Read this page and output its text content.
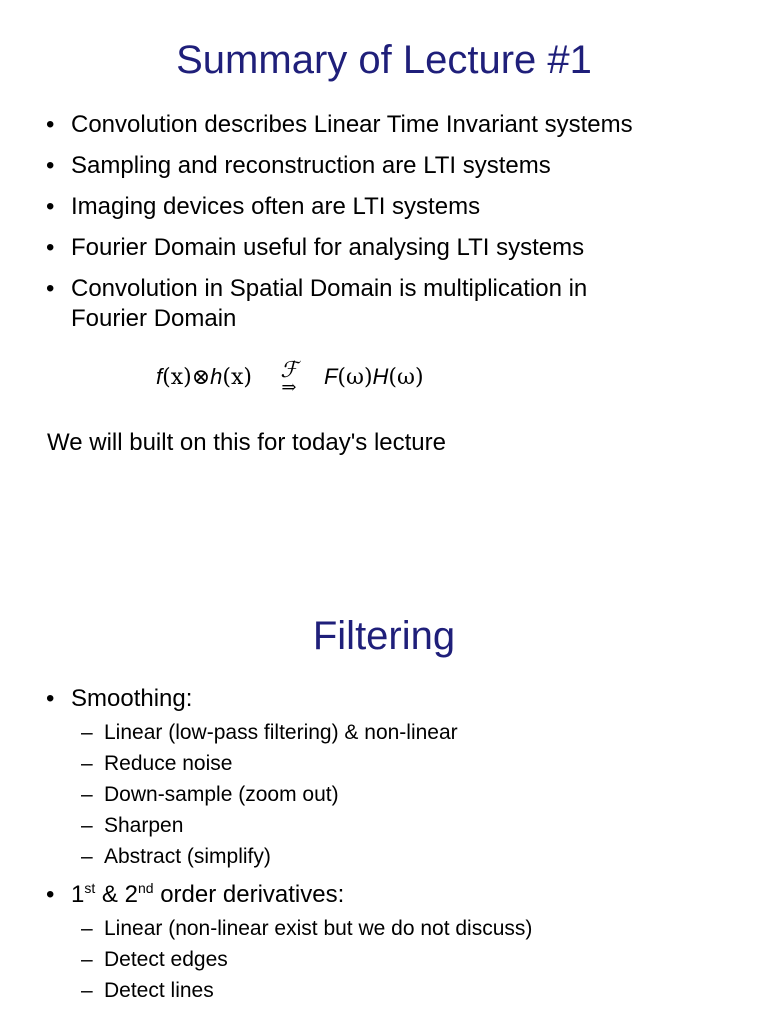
Summary of Lecture #1
• Convolution describes Linear Time Invariant systems
• Sampling and reconstruction are LTI systems
• Imaging devices often are LTI systems
• Fourier Domain useful for analysing LTI systems
• Convolution in Spatial Domain is multiplication in Fourier Domain
f(x)⊗h(x) ℱ
⇒	F(ω)H(ω)
We will built on this for today's lecture
Filtering
• Smoothing:
– Linear (low-pass filtering) & non-linear
– Reduce noise
– Down-sample (zoom out)
– Sharpen
– Abstract (simplify)
• 1st & 2nd order derivatives:
– Linear (non-linear exist but we do not discuss)
– Detect edges
– Detect lines
